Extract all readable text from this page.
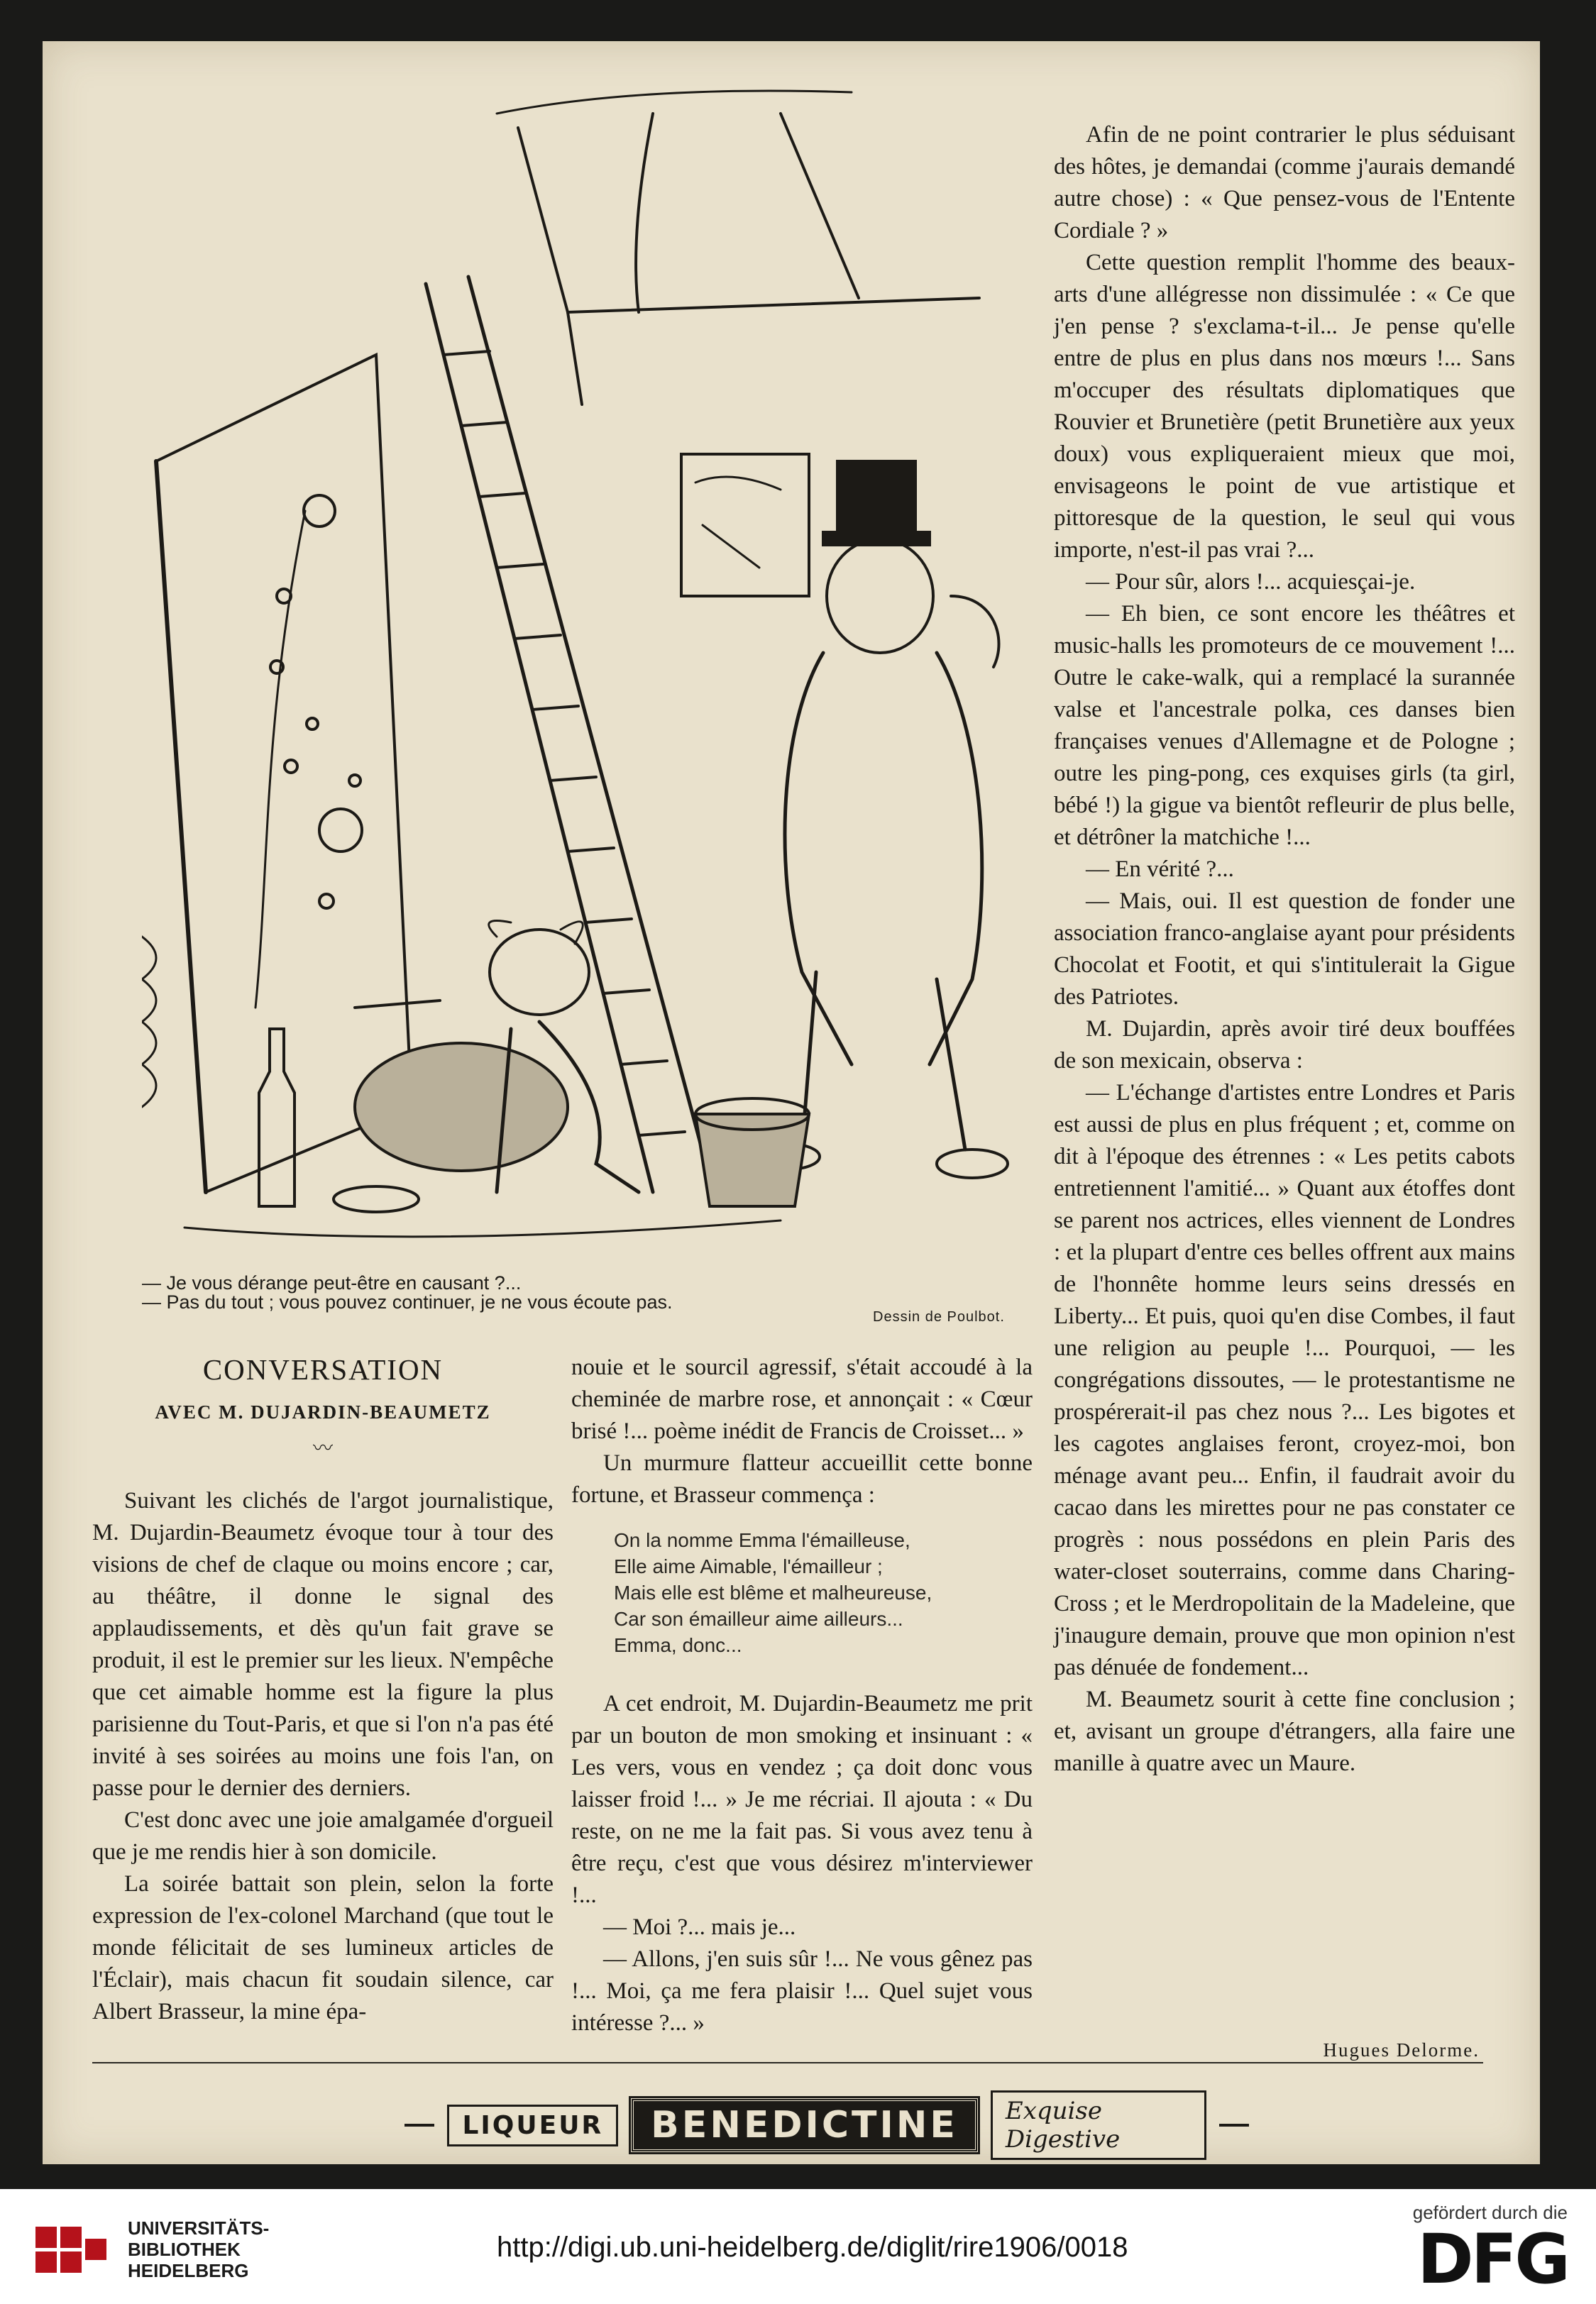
— Je vous dérange peut-être en causant ?...
— Pas du tout ; vous pouvez continuer, je ne vous écoute pas.
Dessin de Poulbot.
CONVERSATION
AVEC M. DUJARDIN-BEAUMETZ
〰

Suivant les clichés de l'argot journalistique, M. Dujardin-Beaumetz évoque tour à tour des visions de chef de claque ou moins encore ; car, au théâtre, il donne le signal des applaudissements, et dès qu'un fait grave se produit, il est le premier sur les lieux. N'empêche que cet aimable homme est la figure la plus parisienne du Tout-Paris, et que si l'on n'a pas été invité à ses soirées au moins une fois l'an, on passe pour le dernier des derniers.

C'est donc avec une joie amalgamée d'orgueil que je me rendis hier à son domicile.

La soirée battait son plein, selon la forte expression de l'ex-colonel Marchand (que tout le monde félicitait de ses lumineux articles de l'Éclair), mais chacun fit soudain silence, car Albert Brasseur, la mine épa-

nouie et le sourcil agressif, s'était accoudé à la cheminée de marbre rose, et annonçait : « Cœur brisé !... poème inédit de Francis de Croisset... »

Un murmure flatteur accueillit cette bonne fortune, et Brasseur commença :

On la nomme Emma l'émailleuse,
Elle aime Aimable, l'émailleur ;
Mais elle est blême et malheureuse,
Car son émailleur aime ailleurs...
Emma, donc...

A cet endroit, M. Dujardin-Beaumetz me prit par un bouton de mon smoking et insinuant : « Les vers, vous en vendez ; ça doit donc vous laisser froid !... » Je me récriai. Il ajouta : « Du reste, on ne me la fait pas. Si vous avez tenu à être reçu, c'est que vous désirez m'interviewer !...

— Moi ?... mais je...

— Allons, j'en suis sûr !... Ne vous gênez pas !... Moi, ça me fera plaisir !... Quel sujet vous intéresse ?... »

Afin de ne point contrarier le plus séduisant des hôtes, je demandai (comme j'aurais demandé autre chose) : « Que pensez-vous de l'Entente Cordiale ? »

Cette question remplit l'homme des beaux-arts d'une allégresse non dissimulée : « Ce que j'en pense ? s'exclama-t-il... Je pense qu'elle entre de plus en plus dans nos mœurs !... Sans m'occuper des résultats diplomatiques que Rouvier et Brunetière (petit Brunetière aux yeux doux) vous expliqueraient mieux que moi, envisageons le point de vue artistique et pittoresque de la question, le seul qui vous importe, n'est-il pas vrai ?...

— Pour sûr, alors !... acquiesçai-je.

— Eh bien, ce sont encore les théâtres et music-halls les promoteurs de ce mouvement !... Outre le cake-walk, qui a remplacé la surannée valse et l'ancestrale polka, ces danses bien françaises venues d'Allemagne et de Pologne ; outre les ping-pong, ces exquises girls (ta girl, bébé !) la gigue va bientôt refleurir de plus belle, et détrôner la matchiche !...

— En vérité ?...

— Mais, oui. Il est question de fonder une association franco-anglaise ayant pour présidents Chocolat et Footit, et qui s'intitulerait la Gigue des Patriotes.

M. Dujardin, après avoir tiré deux bouffées de son mexicain, observa :

— L'échange d'artistes entre Londres et Paris est aussi de plus en plus fréquent ; et, comme on dit à l'époque des étrennes : « Les petits cabots entretiennent l'amitié... » Quant aux étoffes dont se parent nos actrices, elles viennent de Londres : et la plupart d'entre ces belles offrent aux mains de l'honnête homme leurs seins dressés en Liberty... Et puis, quoi qu'en dise Combes, il faut une religion au peuple !... Pourquoi, — les congrégations dissoutes, — le protestantisme ne prospérerait-il pas chez nous ?... Les bigotes et les cagotes anglaises feront, croyez-moi, bon ménage avant peu... Enfin, il faudrait avoir du cacao dans les mirettes pour ne pas constater ce progrès : nous possédons en plein Paris des water-closet souterrains, comme dans Charing-Cross ; et le Merdropolitain de la Madeleine, que j'inaugure demain, prouve que mon opinion n'est pas dénuée de fondement...

M. Beaumetz sourit à cette fine conclusion ; et, avisant un groupe d'étrangers, alla faire une manille à quatre avec un Maure.

Hugues Delorme.
LIQUEUR	BENEDICTINE	Exquise Digestive
UNIVERSITÄTS-
BIBLIOTHEK
HEIDELBERG
http://digi.ub.uni-heidelberg.de/diglit/rire1906/0018
gefördert durch die
DFG
